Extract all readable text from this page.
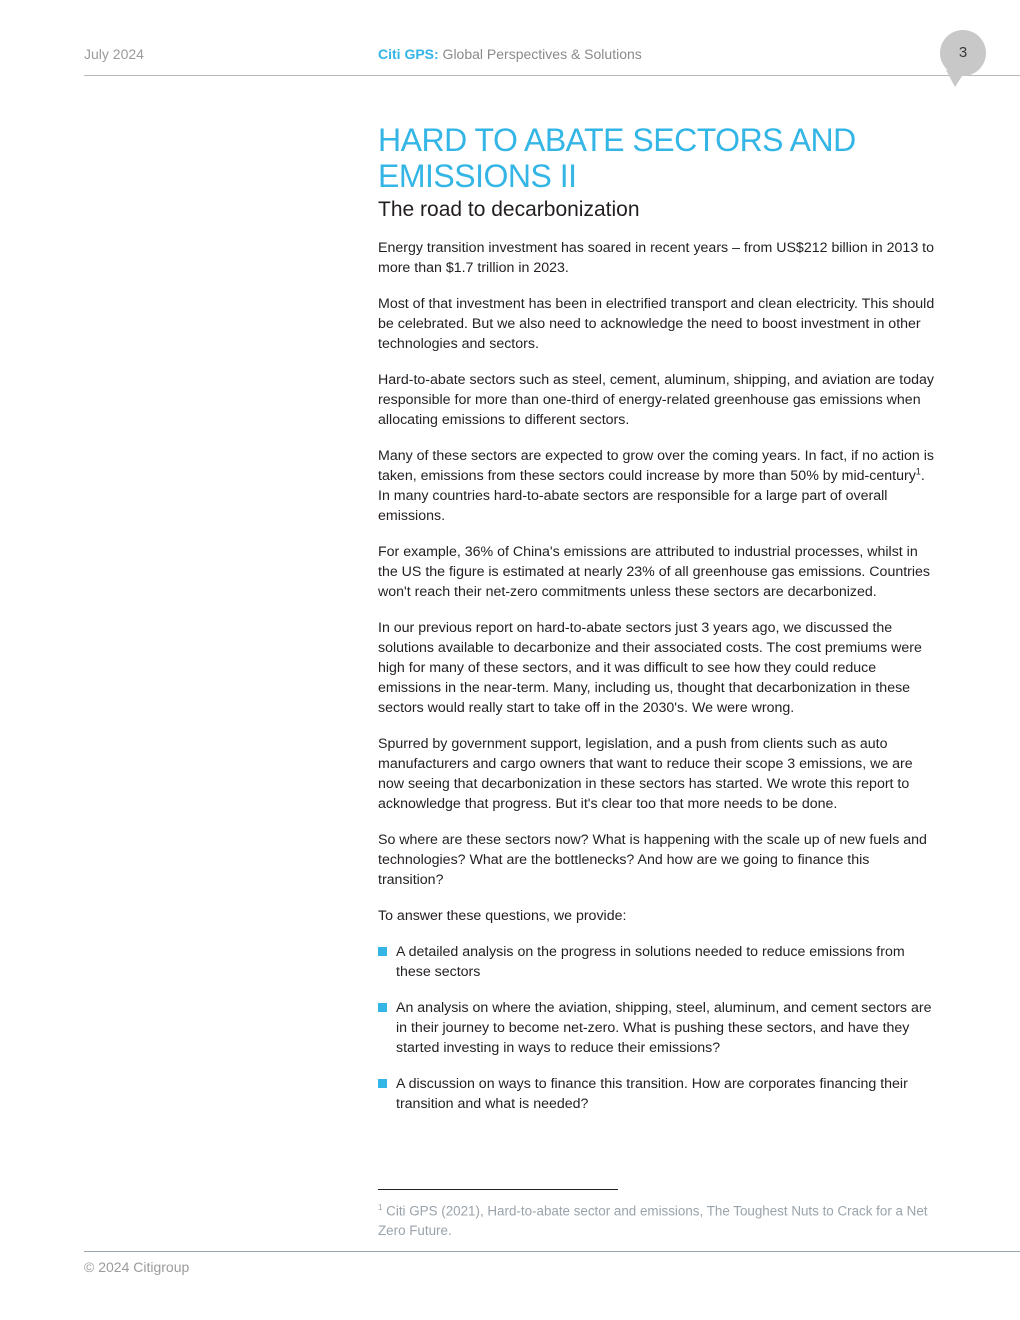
July 2024	Citi GPS: Global Perspectives & Solutions	3
HARD TO ABATE SECTORS AND
EMISSIONS II
The road to decarbonization

Energy transition investment has soared in recent years – from US$212 billion in 2013 to more than $1.7 trillion in 2023.

Most of that investment has been in electrified transport and clean electricity. This should be celebrated. But we also need to acknowledge the need to boost investment in other technologies and sectors.

Hard-to-abate sectors such as steel, cement, aluminum, shipping, and aviation are today responsible for more than one-third of energy-related greenhouse gas emissions when allocating emissions to different sectors.

Many of these sectors are expected to grow over the coming years. In fact, if no action is taken, emissions from these sectors could increase by more than 50% by mid-century$^1$. In many countries hard-to-abate sectors are responsible for a large part of overall emissions.

For example, 36% of China's emissions are attributed to industrial processes, whilst in the US the figure is estimated at nearly 23% of all greenhouse gas emissions. Countries won't reach their net-zero commitments unless these sectors are decarbonized.

In our previous report on hard-to-abate sectors just 3 years ago, we discussed the solutions available to decarbonize and their associated costs. The cost premiums were high for many of these sectors, and it was difficult to see how they could reduce emissions in the near-term. Many, including us, thought that decarbonization in these sectors would really start to take off in the 2030's. We were wrong.

Spurred by government support, legislation, and a push from clients such as auto manufacturers and cargo owners that want to reduce their scope 3 emissions, we are now seeing that decarbonization in these sectors has started. We wrote this report to acknowledge that progress. But it's clear too that more needs to be done.

So where are these sectors now? What is happening with the scale up of new fuels and technologies? What are the bottlenecks? And how are we going to finance this transition?

To answer these questions, we provide:

A detailed analysis on the progress in solutions needed to reduce emissions from these sectors
An analysis on where the aviation, shipping, steel, aluminum, and cement sectors are in their journey to become net-zero. What is pushing these sectors, and have they started investing in ways to reduce their emissions?
A discussion on ways to finance this transition. How are corporates financing their transition and what is needed?
$^1$ Citi GPS (2021), Hard-to-abate sector and emissions, The Toughest Nuts to Crack for a Net Zero Future.
© 2024 Citigroup
